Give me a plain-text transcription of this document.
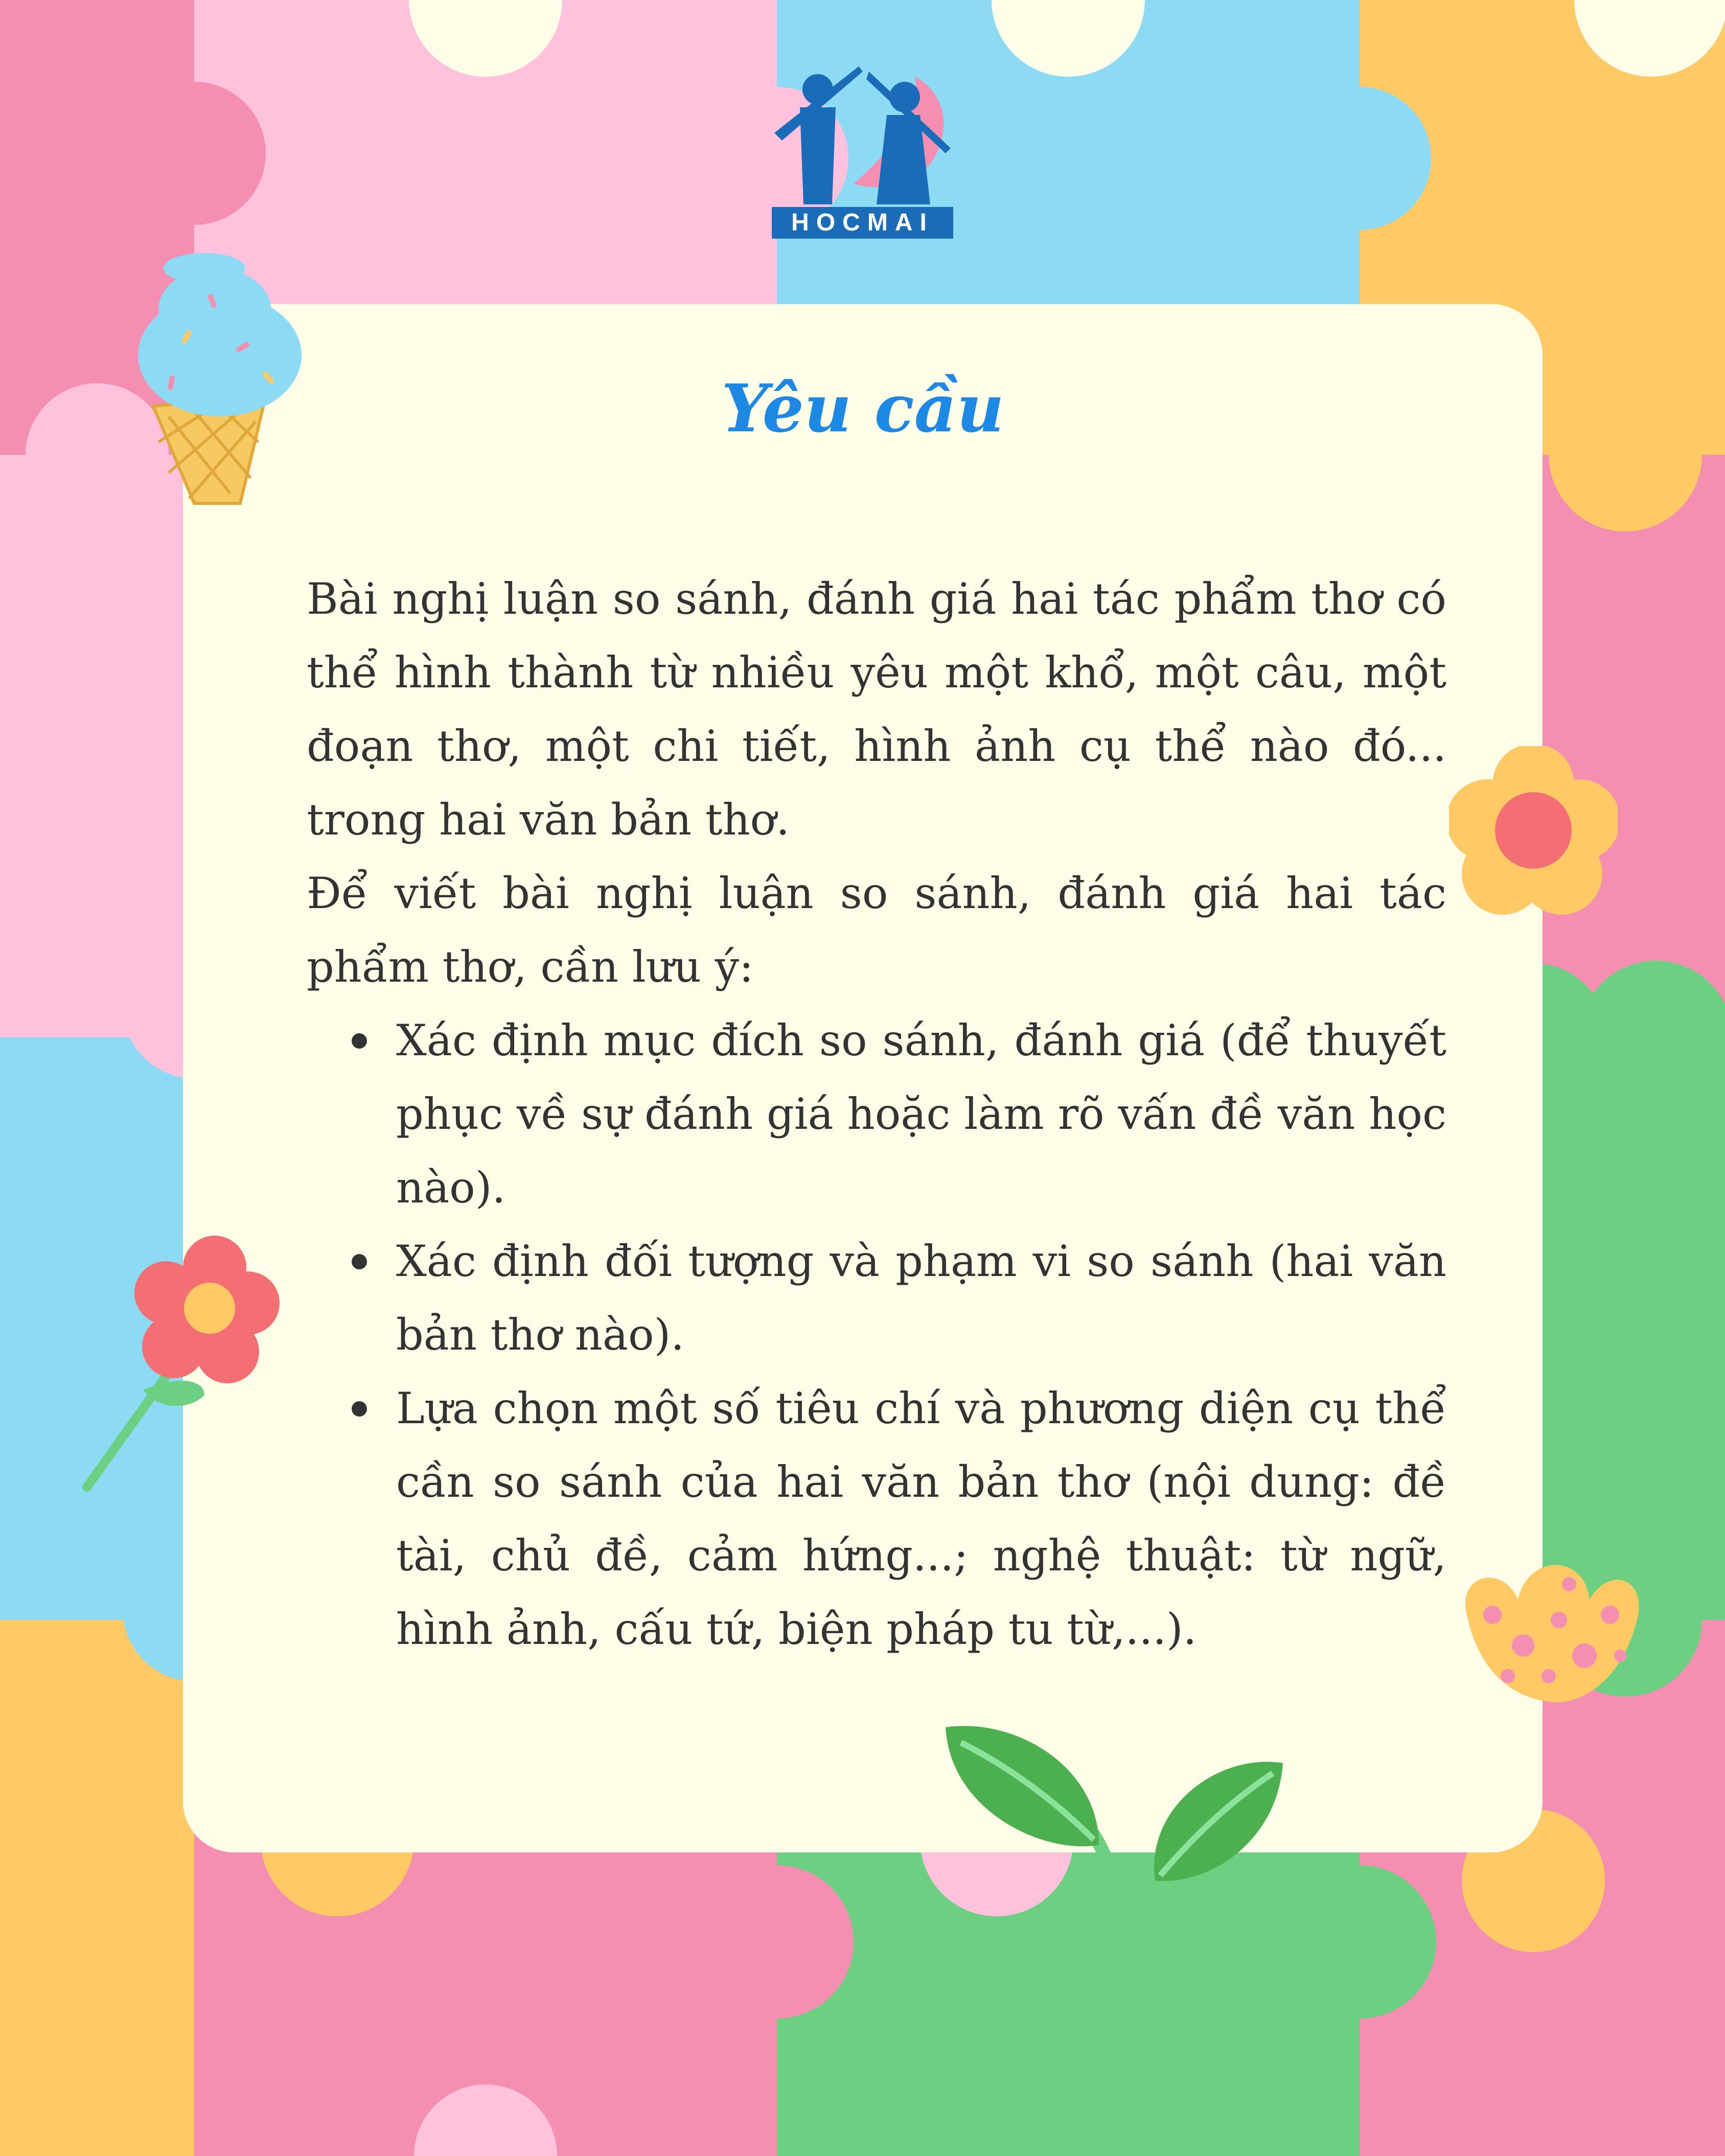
HOCMAI
Yêu cầu

Bài nghị luận so sánh, đánh giá hai tác phẩm thơ có thể hình thành từ nhiều yêu một khổ, một câu, một đoạn thơ, một chi tiết, hình ảnh cụ thể nào đó... trong hai văn bản thơ.

Để viết bài nghị luận so sánh, đánh giá hai tác phẩm thơ, cần lưu ý:

Xác định mục đích so sánh, đánh giá (để thuyết phục về sự đánh giá hoặc làm rõ vấn đề văn học nào).
Xác định đối tượng và phạm vi so sánh (hai văn bản thơ nào).
Lựa chọn một số tiêu chí và phương diện cụ thể cần so sánh của hai văn bản thơ (nội dung: đề tài, chủ đề, cảm hứng...; nghệ thuật: từ ngữ, hình ảnh, cấu tứ, biện pháp tu từ,...).
